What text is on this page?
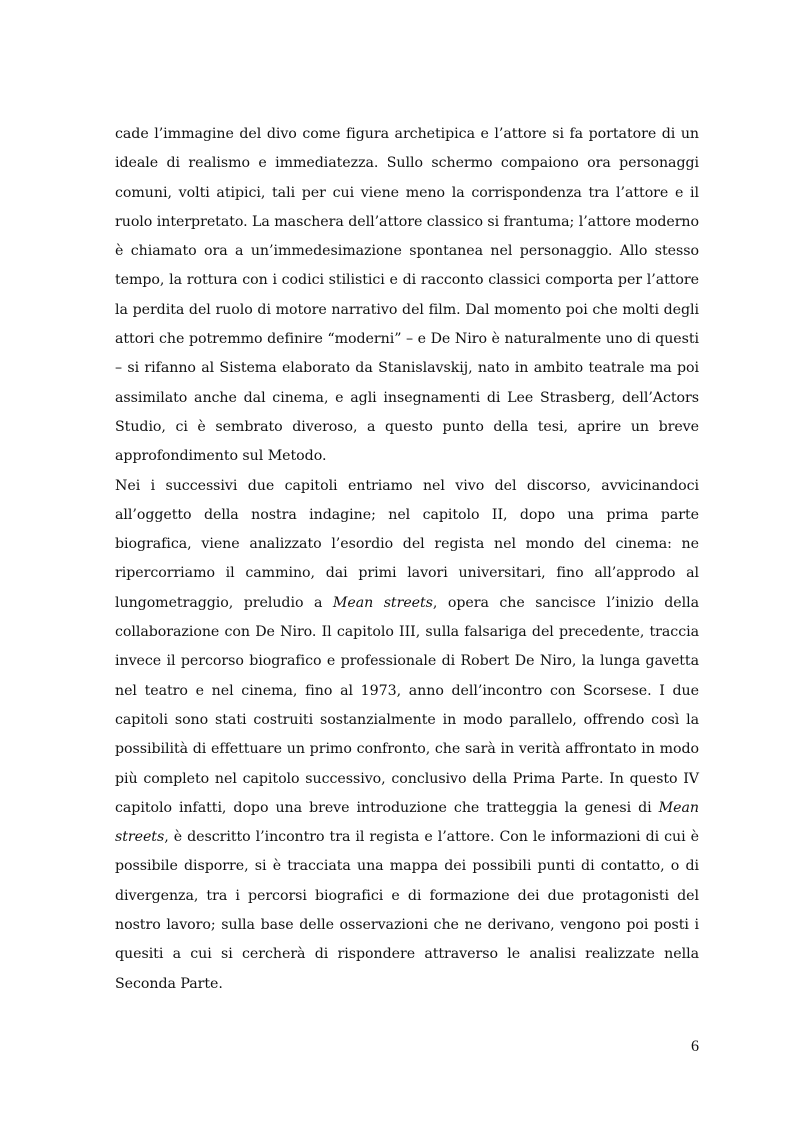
cade l’immagine del divo come figura archetipica e l’attore si fa portatore di un ideale di realismo e immediatezza. Sullo schermo compaiono ora personaggi comuni, volti atipici, tali per cui viene meno la corrispondenza tra l’attore e il ruolo interpretato. La maschera dell’attore classico si frantuma; l’attore moderno è chiamato ora a un’immedesimazione spontanea nel personaggio. Allo stesso tempo, la rottura con i codici stilistici e di racconto classici comporta per l’attore la perdita del ruolo di motore narrativo del film. Dal momento poi che molti degli attori che potremmo definire “moderni” – e De Niro è naturalmente uno di questi – si rifanno al Sistema elaborato da Stanislavskij, nato in ambito teatrale ma poi assimilato anche dal cinema, e agli insegnamenti di Lee Strasberg, dell’Actors Studio, ci è sembrato diveroso, a questo punto della tesi, aprire un breve approfondimento sul Metodo.

Nei i successivi due capitoli entriamo nel vivo del discorso, avvicinandoci all’oggetto della nostra indagine; nel capitolo II, dopo una prima parte biografica, viene analizzato l’esordio del regista nel mondo del cinema: ne ripercorriamo il cammino, dai primi lavori universitari, fino all’approdo al lungometraggio, preludio a Mean streets, opera che sancisce l’inizio della collaborazione con De Niro. Il capitolo III, sulla falsariga del precedente, traccia invece il percorso biografico e professionale di Robert De Niro, la lunga gavetta nel teatro e nel cinema, fino al 1973, anno dell’incontro con Scorsese. I due capitoli sono stati costruiti sostanzialmente in modo parallelo, offrendo così la possibilità di effettuare un primo confronto, che sarà in verità affrontato in modo più completo nel capitolo successivo, conclusivo della Prima Parte. In questo IV capitolo infatti, dopo una breve introduzione che tratteggia la genesi di Mean streets, è descritto l’incontro tra il regista e l’attore. Con le informazioni di cui è possibile disporre, si è tracciata una mappa dei possibili punti di contatto, o di divergenza, tra i percorsi biografici e di formazione dei due protagonisti del nostro lavoro; sulla base delle osservazioni che ne derivano, vengono poi posti i quesiti a cui si cercherà di rispondere attraverso le analisi realizzate nella Seconda Parte.

6
